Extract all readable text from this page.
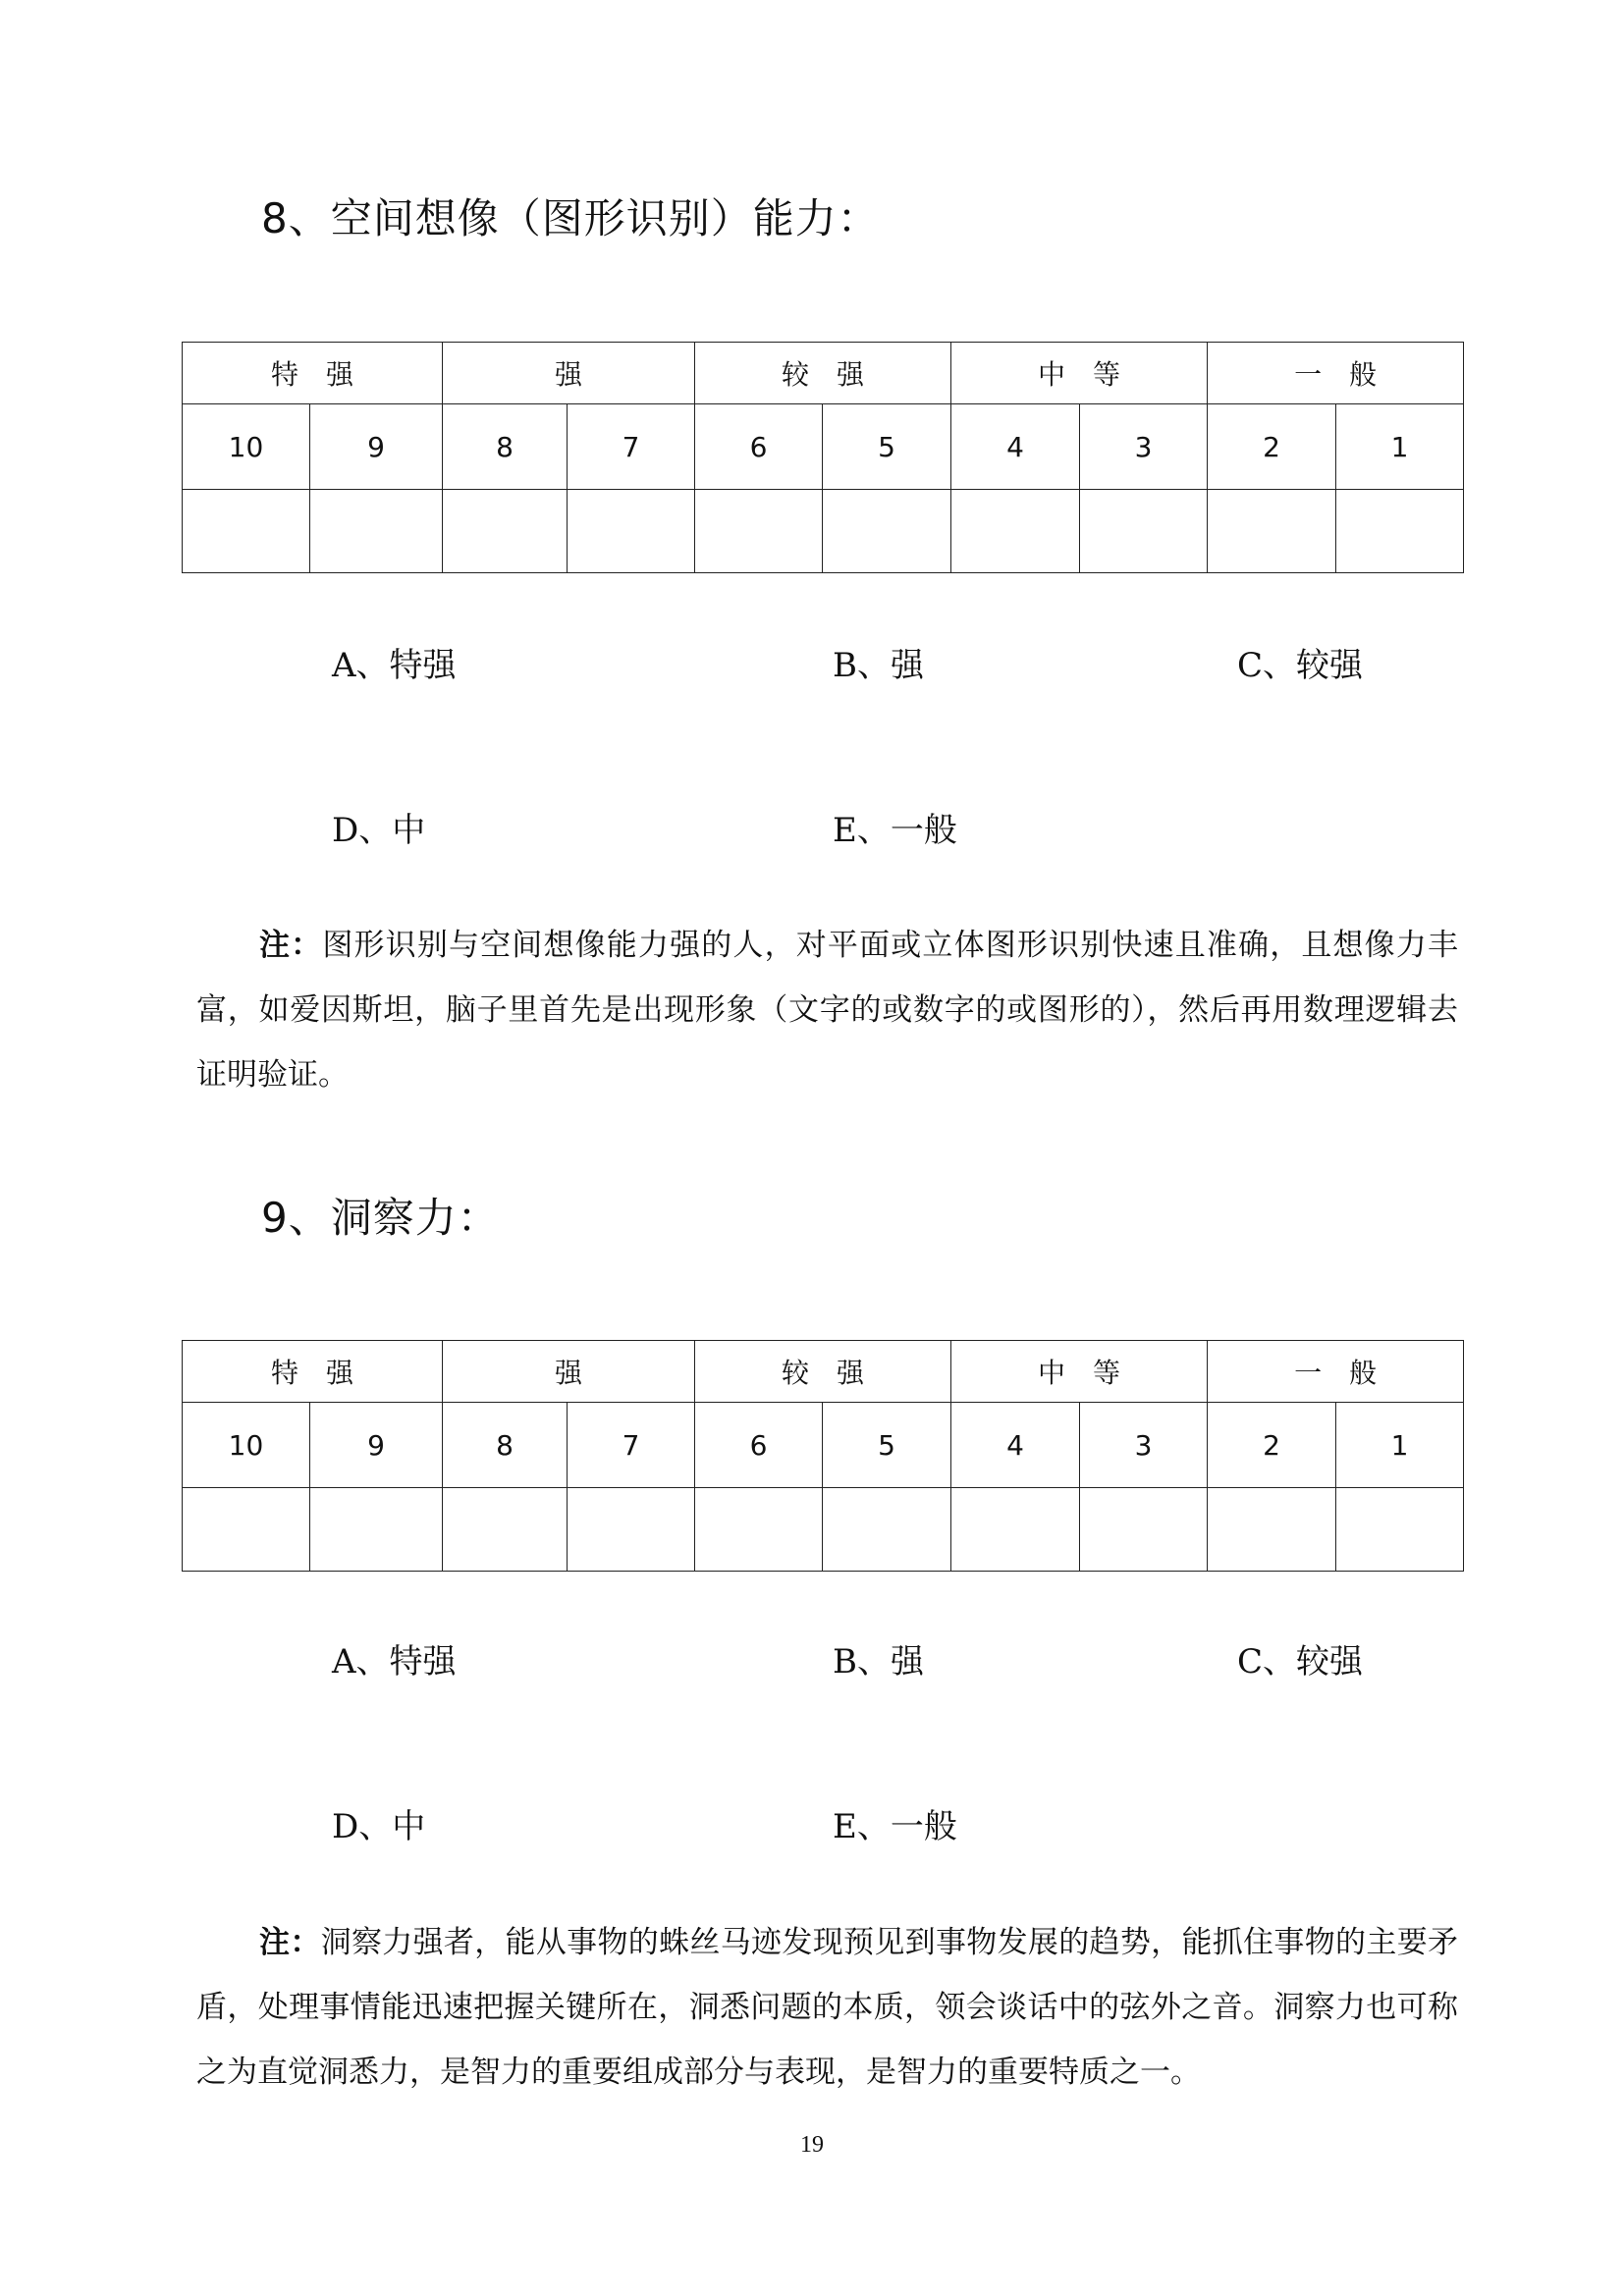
8、空间想像（图形识别）能力：
特强		强		较强		中等		一般	
10	9	8	7	6	5	4	3	2	1

A、特强	B、强	C、较强
D、中	E、一般

注：图形识别与空间想像能力强的人，对平面或立体图形识别快速且准确，且想像力丰富，如爱因斯坦，脑子里首先是出现形象（文字的或数字的或图形的），然后再用数理逻辑去证明验证。

9、洞察力：
特强		强		较强		中等		一般	
10	9	8	7	6	5	4	3	2	1

A、特强	B、强	C、较强
D、中	E、一般

注：洞察力强者，能从事物的蛛丝马迹发现预见到事物发展的趋势，能抓住事物的主要矛盾，处理事情能迅速把握关键所在，洞悉问题的本质，领会谈话中的弦外之音。洞察力也可称之为直觉洞悉力，是智力的重要组成部分与表现，是智力的重要特质之一。

19
